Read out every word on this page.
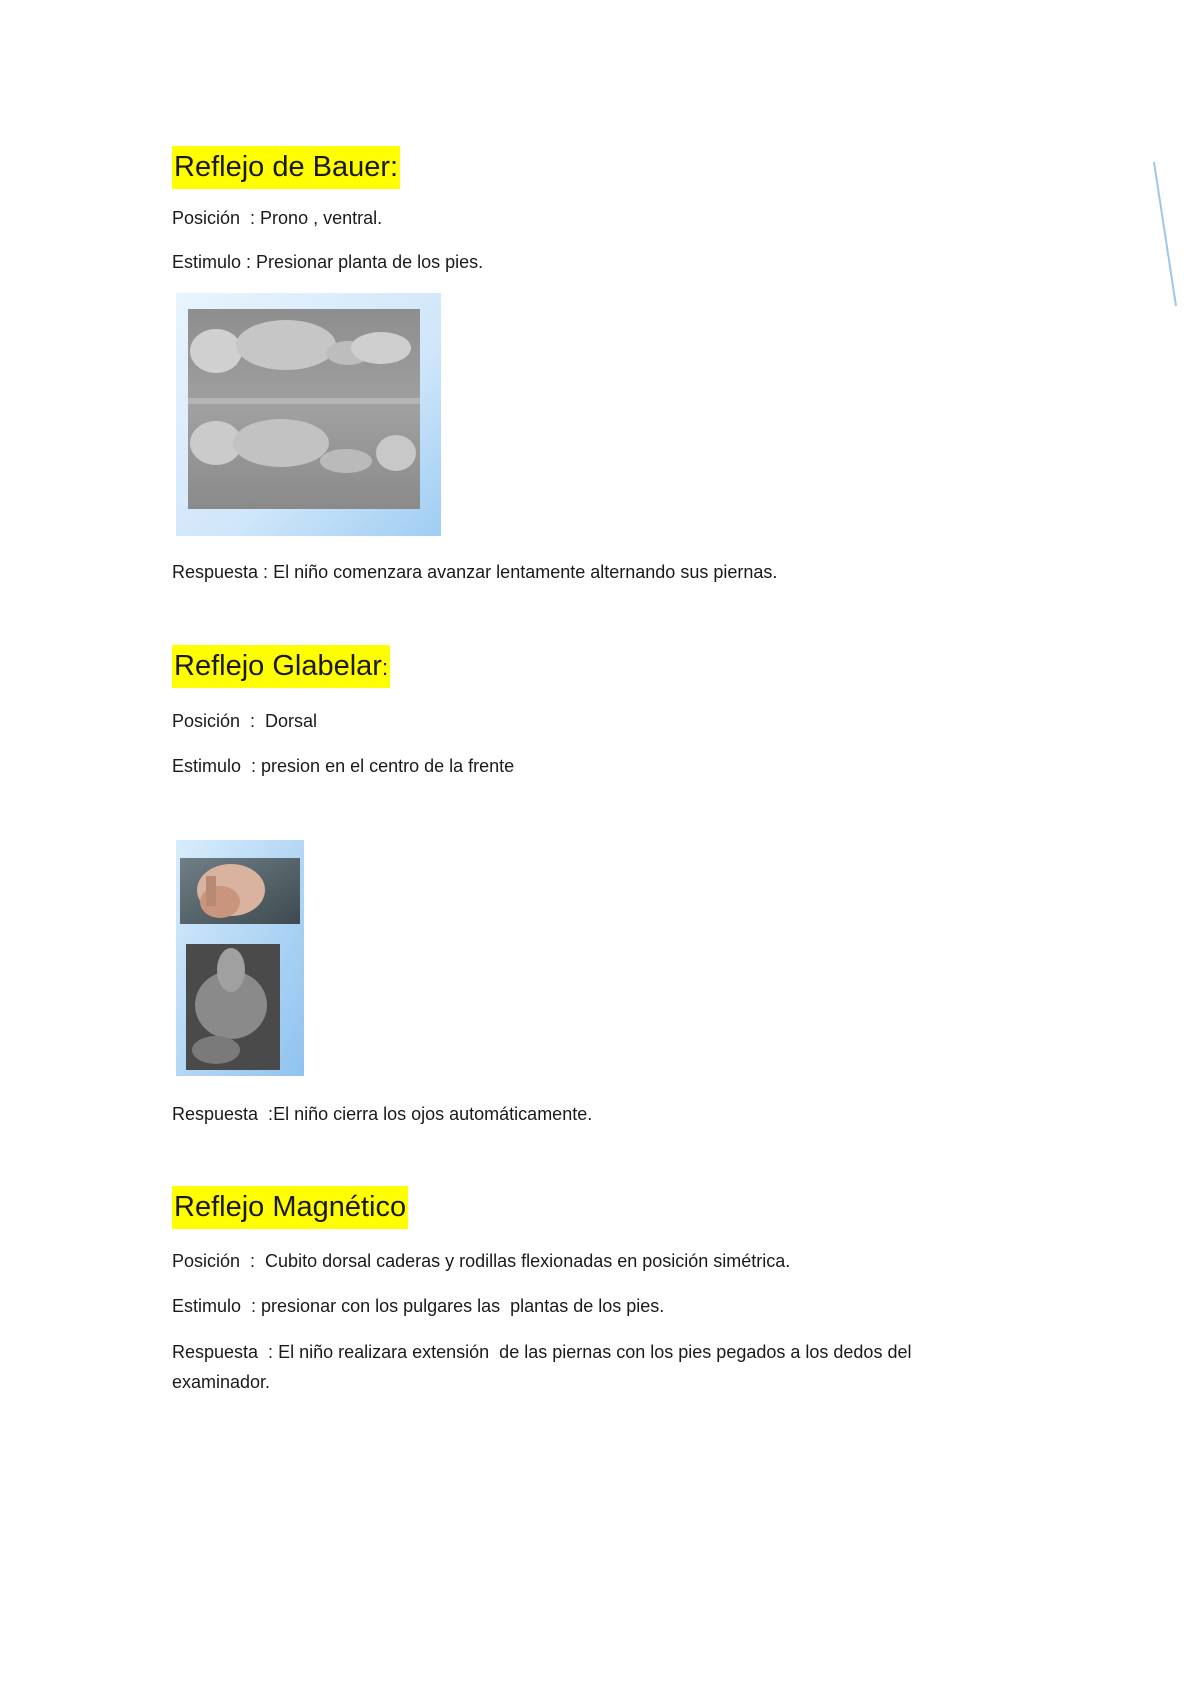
Reflejo de Bauer:

Posición  : Prono , ventral.

Estimulo : Presionar planta de los pies.

Respuesta : El niño comenzara avanzar lentamente alternando sus piernas.

Reflejo Glabelar:

Posición  :  Dorsal

Estimulo  : presion en el centro de la frente

Respuesta  :El niño cierra los ojos automáticamente.

Reflejo Magnético

Posición  :  Cubito dorsal caderas y rodillas flexionadas en posición simétrica.

Estimulo  : presionar con los pulgares las  plantas de los pies.

Respuesta  : El niño realizara extensión  de las piernas con los pies pegados a los dedos del examinador.
